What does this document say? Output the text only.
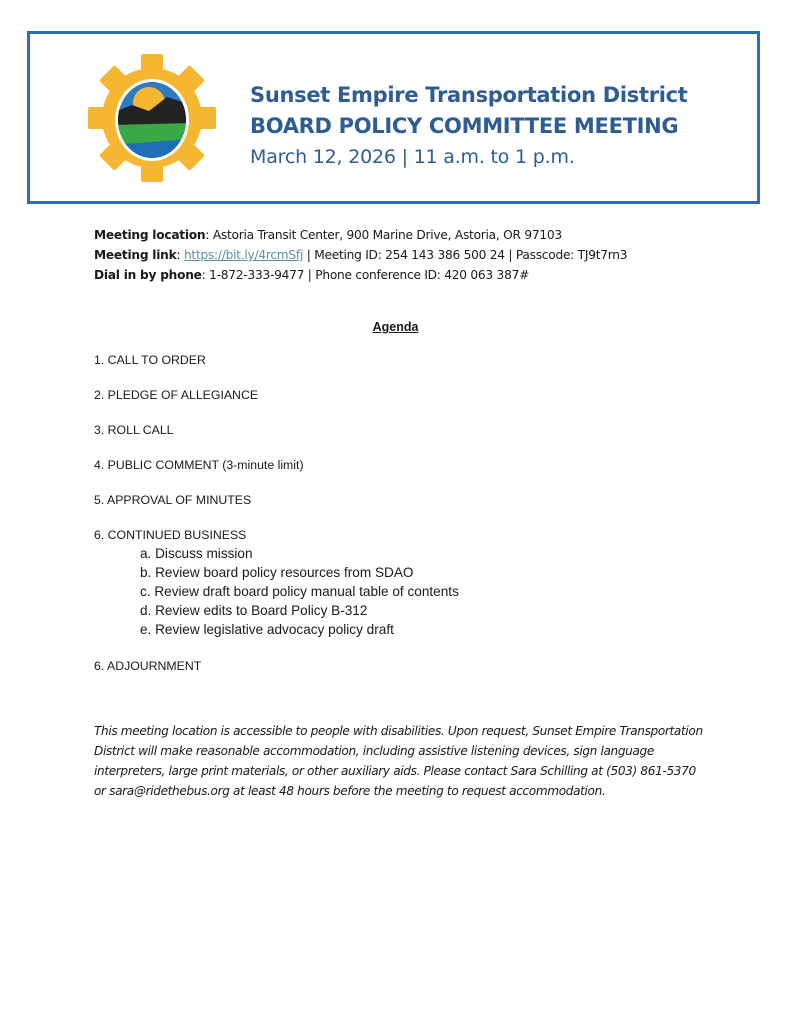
Sunset Empire Transportation District
BOARD POLICY COMMITTEE MEETING
March 12, 2026 | 11 a.m. to 1 p.m.
Meeting location: Astoria Transit Center, 900 Marine Drive, Astoria, OR 97103
Meeting link: https://bit.ly/4rcmSfj | Meeting ID: 254 143 386 500 24 | Passcode: TJ9t7rn3
Dial in by phone: 1-872-333-9477 | Phone conference ID: 420 063 387#
Agenda
1. CALL TO ORDER
2. PLEDGE OF ALLEGIANCE
3. ROLL CALL
4. PUBLIC COMMENT (3-minute limit)
5. APPROVAL OF MINUTES
6. CONTINUED BUSINESS
a. Discuss mission
b. Review board policy resources from SDAO
c. Review draft board policy manual table of contents
d. Review edits to Board Policy B-312
e. Review legislative advocacy policy draft
6. ADJOURNMENT
This meeting location is accessible to people with disabilities. Upon request, Sunset Empire Transportation District will make reasonable accommodation, including assistive listening devices, sign language interpreters, large print materials, or other auxiliary aids. Please contact Sara Schilling at (503) 861-5370 or sara@ridethebus.org at least 48 hours before the meeting to request accommodation.
